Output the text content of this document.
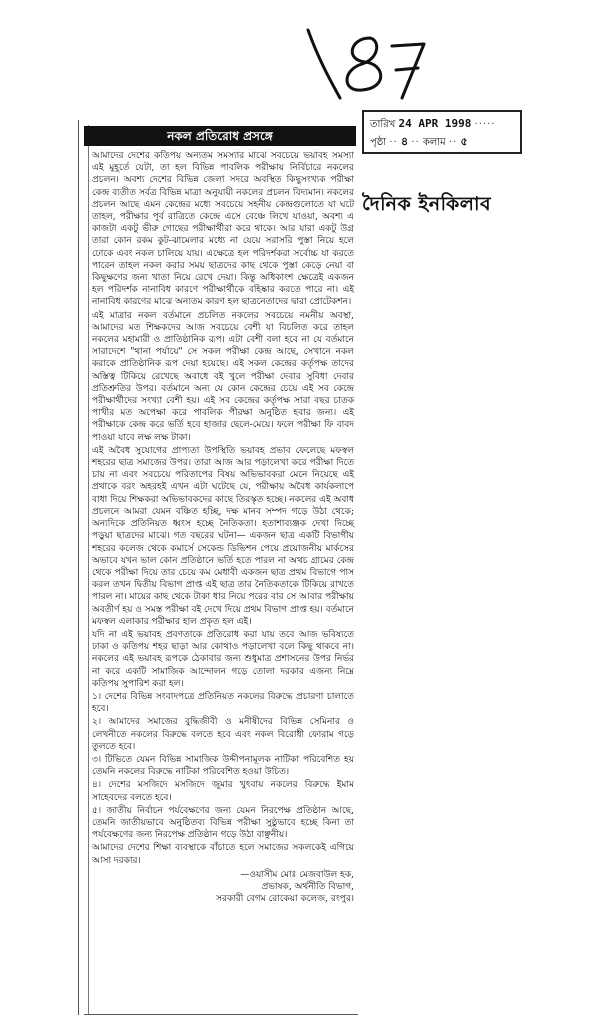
187
তারিখ 24 APR 1998 ·····
পৃষ্ঠা ·· ৪ ·· কলাম ·· ৫
দৈনিক ইনকিলাব
নকল প্রতিরোধ প্রসঙ্গে

আমাদের দেশের কতিপয় অন্যতম সমস্যার মাঝে সবচেয়ে ভয়াবহ সমস্যা এই মুহূর্তে যেটা, তা হল বিভিন্ন পাবলিক পরীক্ষায় নির্বিচারে নকলের প্রচলন। অবশ্য দেশের বিভিন্ন জেলা সদরে অবস্থিত কিছুসংখ্যক পরীক্ষা কেন্দ্র ব্যতীত সর্বত্র বিভিন্ন মাত্রা অনুযায়ী নকলের প্রচলন বিদ্যমান। নকলের প্রচলন আছে এমন কেন্দ্রের মধ্যে সবচেয়ে সহনীয় কেন্দ্রগুলোতে যা ঘটে তাহল, পরীক্ষার পূর্ব রাত্রিতে কেন্দ্রে এসে বেঞ্চে লিখে যাওয়া, অবশ্য এ কাজটা একটু ভীরু গোছের পরীক্ষার্থীরা করে থাকে। আর যারা একটু উগ্র তারা কোন রকম কুট-ঝামেলার মধ্যে না যেয়ে সরাসরি পুস্তা নিয়ে হলে ঢোকে এবং নকল চালিয়ে যায়। এক্ষেত্রে হল পরিদর্শকরা সর্বোচ্চ যা করতে পারেন তাহল নকল করার সময় ছাত্রদের কাছ থেকে পুস্তা কেড়ে নেয়া বা কিছুক্ষণের জন্য খাতা নিয়ে রেখে দেয়া। কিন্তু অধিকাংশ ক্ষেত্রেই একজন হল পরিদর্শক নানাবিধ কারণে পরীক্ষার্থীকে বহিষ্কার করতে পারে না। এই নানাবিধ কারণের মাঝে অন্যতম কারণ হল ছাত্রনেতাদের দ্বারা প্রোটেকশন।

এই মাত্রার নকল বর্তমানে প্রচলিত নকলের সবচেয়ে নমনীয় অবস্থা, আমাদের মত শিক্ষকদের আজ সবচেয়ে বেশী যা বিচলিত করে তাহল নকলের মহামারী ও প্রাতিষ্ঠানিক রূপ। এটা বেশী বলা হবে না যে বর্তমানে সারাদেশে "থানা পর্যায়ে" সে সকল পরীক্ষা কেন্দ্র আছে, সেখানে নকল করাকে প্রাতিষ্ঠানিক রূপ দেয়া হয়েছে। এই সকল কেন্দ্রের কর্তৃপক্ষ তাদের অস্তিত্ব টিকিয়ে রেখেছে অবাধে বই খুলে পরীক্ষা দেবার সুবিধা দেবার প্রতিশ্রুতির উপর। বর্তমানে অন্য যে কোন কেন্দ্রের চেয়ে এই সব কেন্দ্রে পরীক্ষার্থীদের সংখ্যা বেশী হয়। এই সব কেন্দ্রের কর্তৃপক্ষ সারা বছর চাতক পাখীর মত অপেক্ষা করে পাবলিক পীরক্ষা অনুষ্ঠিত হবার জন্য। এই পরীক্ষাকে কেন্দ্র করে ভর্তি হবে হাজার ছেলে-মেয়ে। ফলে পরীক্ষা ফি বাবদ পাওয়া যাবে লক্ষ লক্ষ টাকা।

এই অবৈধ সুযোগের প্রাপ্যতা উপস্থিতি ভয়াবহ প্রভাব ফেলেছে মফস্বল শহরের ছাত্র সমাজের উপর। তারা আজ আর পড়ালেখা করে পরীক্ষা দিতে চায় না এবং সবচেয়ে পরিতাপের বিষয় অভিভাবকরা মেনে নিয়েছে এই প্রথাকে বরং অহরহই এখন এটা ঘটেছে যে, পরীক্ষায় অবৈধ কার্যকলাপে বাধা দিয়ে শিক্ষকরা অভিভাবকদের কাছে তিরস্কৃত হচ্ছে। নকলের এই অবাধ প্রচলনে আমরা যেমন বঞ্চিত হচ্ছি, দক্ষ মানব সম্পদ গড়ে উঠা থেকে; অন্যদিকে প্রতিনিয়ত ধ্বংস হচ্ছে নৈতিকতা। হতাশাব্যঞ্জক দেখা দিচ্ছে পড়ুয়া ছাত্রদের মাঝে। গত বছরের ঘটনা— একজন ছাত্র একটি বিভাগীয় শহরের কলেজ থেকে কমার্সে সেকেন্ড ডিভিশন পেয়ে প্রয়োজনীয় মার্কসের অভাবে যখন ভাল কোন প্রতিষ্ঠানে ভর্তি হতে পারল না অথচ গ্রামের কেন্দ্র থেকে পরীক্ষা দিয়ে তার চেয়ে কম মেধাবী একজন ছাত্র প্রথম বিভাগে পাস করল তখন দ্বিতীয় বিভাগ প্রাপ্ত এই ছাত্র তার নৈতিকতাকে টিকিয়ে রাখতে পারল না। মায়ের কাছ থেকে টাকা ধার নিয়ে পরের বার সে আবার পরীক্ষায় অবতীর্ণ হয় ও সমস্ত পরীক্ষা বই দেখে দিয়ে প্রথম বিভাগ প্রাপ্ত হয়। বর্তমানে মফস্বল এলাকার পরীক্ষার হাল প্রকৃত হল এই।

যদি না এই ভয়াবহ প্রবণতাকে প্রতিরোধ করা যায় তবে আজ ভবিষ্যতে ঢাকা ও কতিপয় শহর ছাড়া আর কোথাও পড়ালেখা বলে কিছু থাকবে না। নকলের এই ভয়াবহ রূপকে ঠেকাবার জন্য শুধুমাত্র প্রশাসনের উপর নির্ভর না করে একটি সামাজিক আন্দোলন গড়ে তোলা দরকার এজন্য নিম্নে কতিপয় সুপারিশ করা হল।

১। দেশের বিভিন্ন সংবাদপত্রে প্রতিনিয়ত নকলের বিরুদ্ধে প্রচারণা চালাতে হবে।

২। আমাদের সমাজের বুদ্ধিজীবী ও মনীষীদের বিভিন্ন সেমিনার ও লেখনীতে নকলের বিরুদ্ধে বলতে হবে এবং নকল বিরোধী ফোরাম গড়ে তুলতে হবে।

৩। টিভিতে যেমন বিভিন্ন সামাজিক উদ্দীপনামূলক নাটিকা পরিবেশিত হয় তেমনি নকলের বিরুদ্ধে নাটিকা পরিবেশিত হওয়া উচিত।

৪। দেশের মসজিদে মসজিদে জুমার খুৎবায় নকলের বিরুদ্ধে ইমাম সাহেবদের বলতে হবে।

৫। জাতীয় নির্বাচন পর্যবেক্ষণের জন্য যেমন নিরপেক্ষ প্রতিষ্ঠান আছে, তেমনি জাতীয়ভাবে অনুষ্ঠিতব্য বিভিন্ন পরীক্ষা সুষ্ঠুভাবে হচ্ছে কিনা তা পর্যবেক্ষণের জন্য নিরপেক্ষ প্রতিষ্ঠান গড়ে উঠা বাঞ্ছনীয়।

আমাদের দেশের শিক্ষা ব্যবস্থাকে বাঁচাতে হলে সমাজের সকলকেই এগিয়ে আসা দরকার।

—ওয়াসীম মোঃ মেজবাউল হক,
প্রভাষক, অর্থনীতি বিভাগ,
সরকারী বেগম রোকেয়া কলেজ, রংপুর।
